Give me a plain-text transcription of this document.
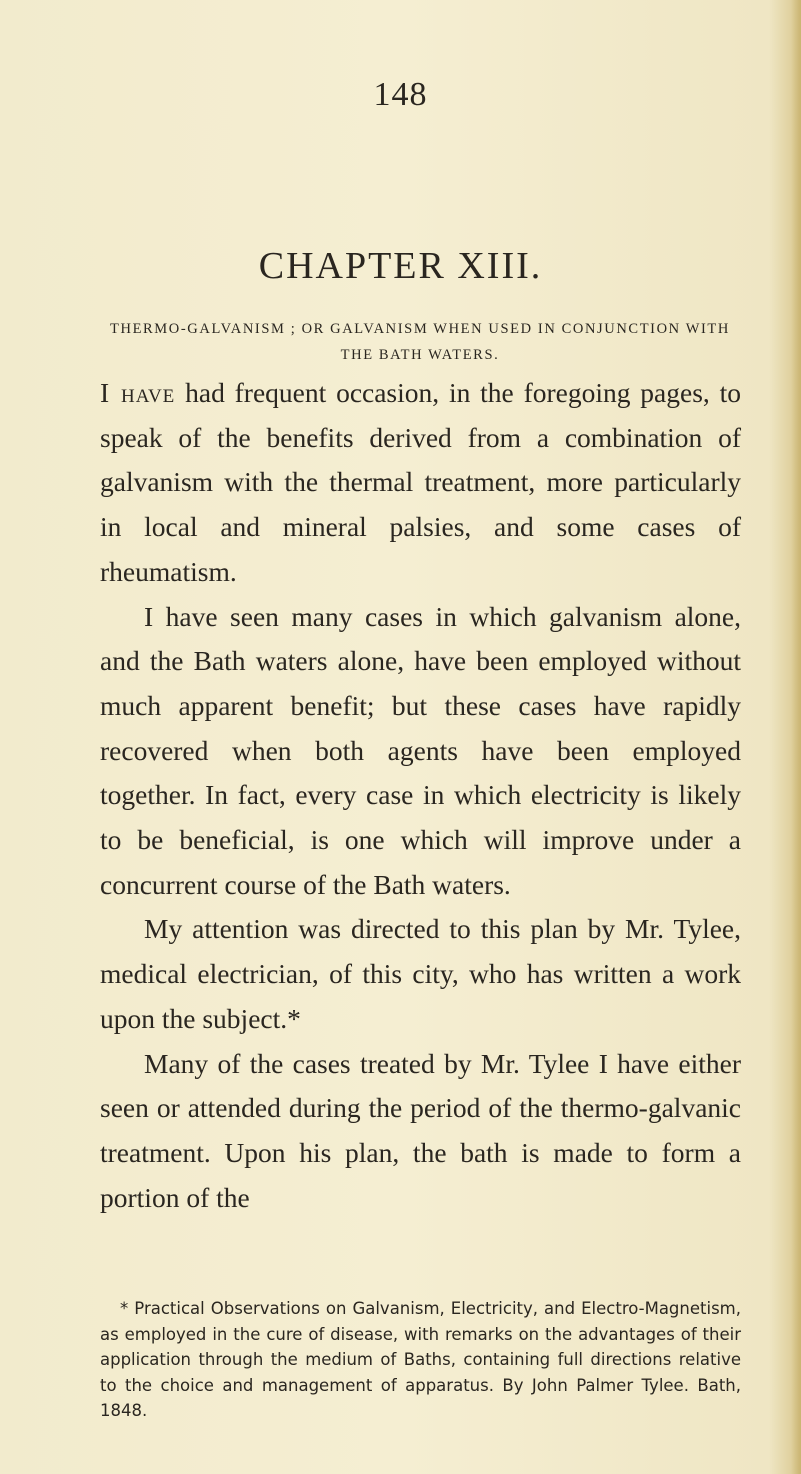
148
CHAPTER XIII.
THERMO-GALVANISM ; OR GALVANISM WHEN USED IN CONJUNCTION WITH THE BATH WATERS.

I have had frequent occasion, in the foregoing pages, to speak of the benefits derived from a combination of galvanism with the thermal treatment, more particularly in local and mineral palsies, and some cases of rheumatism.

I have seen many cases in which galvanism alone, and the Bath waters alone, have been employed without much apparent benefit; but these cases have rapidly recovered when both agents have been employed together. In fact, every case in which electricity is likely to be beneficial, is one which will improve under a concurrent course of the Bath waters.

My attention was directed to this plan by Mr. Tylee, medical electrician, of this city, who has written a work upon the subject.*

Many of the cases treated by Mr. Tylee I have either seen or attended during the period of the thermo-galvanic treatment. Upon his plan, the bath is made to form a portion of the

* Practical Observations on Galvanism, Electricity, and Electro-Magnetism, as employed in the cure of disease, with remarks on the advantages of their application through the medium of Baths, containing full directions relative to the choice and management of apparatus. By John Palmer Tylee. Bath, 1848.
